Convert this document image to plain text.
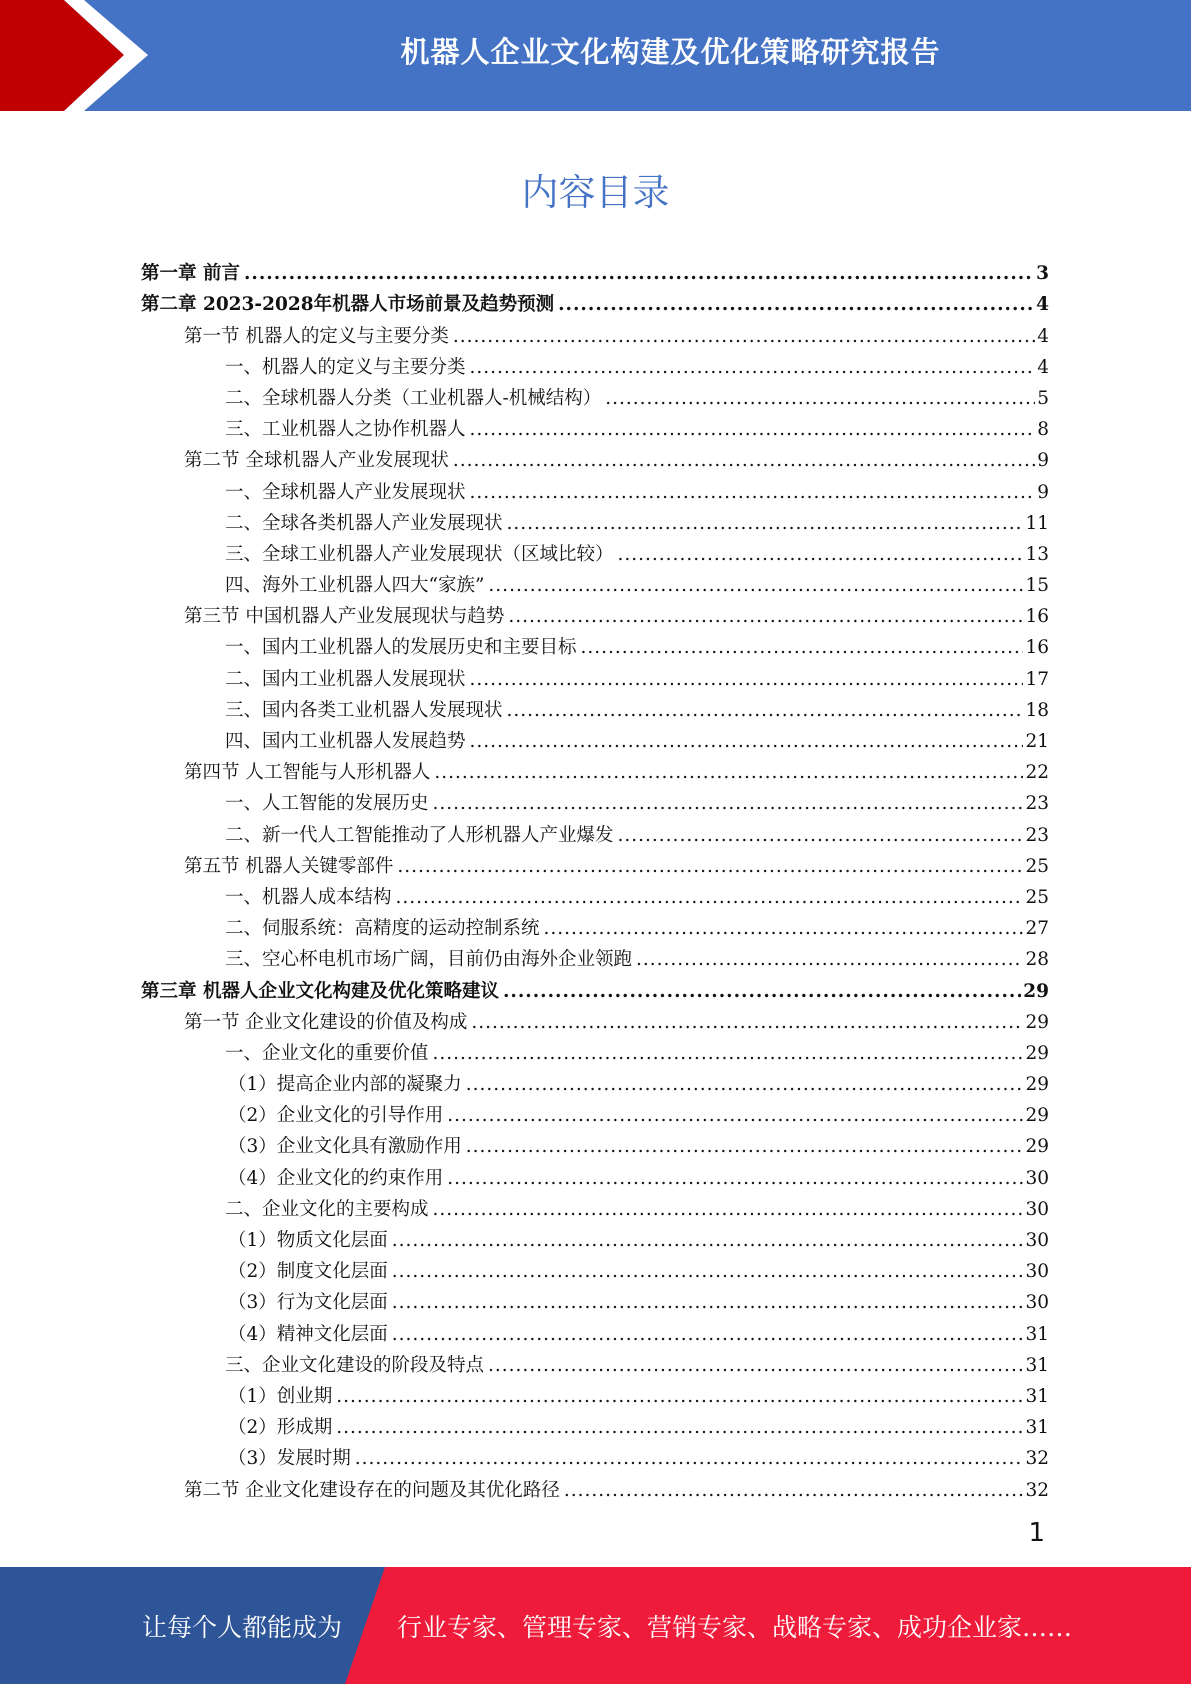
机器人企业文化构建及优化策略研究报告
内容目录
第一章 前言 .....	3
第二章 2023-2028年机器人市场前景及趋势预测 .....	4
第一节 机器人的定义与主要分类 .....	4
一、机器人的定义与主要分类 .....	4
二、全球机器人分类（工业机器人-机械结构） .....	5
三、工业机器人之协作机器人 .....	8
第二节 全球机器人产业发展现状 .....	9
一、全球机器人产业发展现状 .....	9
二、全球各类机器人产业发展现状 .....	11
三、全球工业机器人产业发展现状（区域比较） .....	13
四、海外工业机器人四大“家族” .....	15
第三节 中国机器人产业发展现状与趋势 .....	16
一、国内工业机器人的发展历史和主要目标 .....	16
二、国内工业机器人发展现状 .....	17
三、国内各类工业机器人发展现状 .....	18
四、国内工业机器人发展趋势 .....	21
第四节 人工智能与人形机器人 .....	22
一、人工智能的发展历史 .....	23
二、新一代人工智能推动了人形机器人产业爆发 .....	23
第五节 机器人关键零部件 .....	25
一、机器人成本结构 .....	25
二、伺服系统：高精度的运动控制系统 .....	27
三、空心杯电机市场广阔，目前仍由海外企业领跑 .....	28
第三章 机器人企业文化构建及优化策略建议 .....	29
第一节 企业文化建设的价值及构成 .....	29
一、企业文化的重要价值 .....	29
（1）提高企业内部的凝聚力 .....	29
（2）企业文化的引导作用 .....	29
（3）企业文化具有激励作用 .....	29
（4）企业文化的约束作用 .....	30
二、企业文化的主要构成 .....	30
（1）物质文化层面 .....	30
（2）制度文化层面 .....	30
（3）行为文化层面 .....	30
（4）精神文化层面 .....	31
三、企业文化建设的阶段及特点 .....	31
（1）创业期 .....	31
（2）形成期 .....	31
（3）发展时期 .....	32
第二节 企业文化建设存在的问题及其优化路径 .....	32
1
让每个人都能成为 行业专家、管理专家、营销专家、战略专家、成功企业家……
